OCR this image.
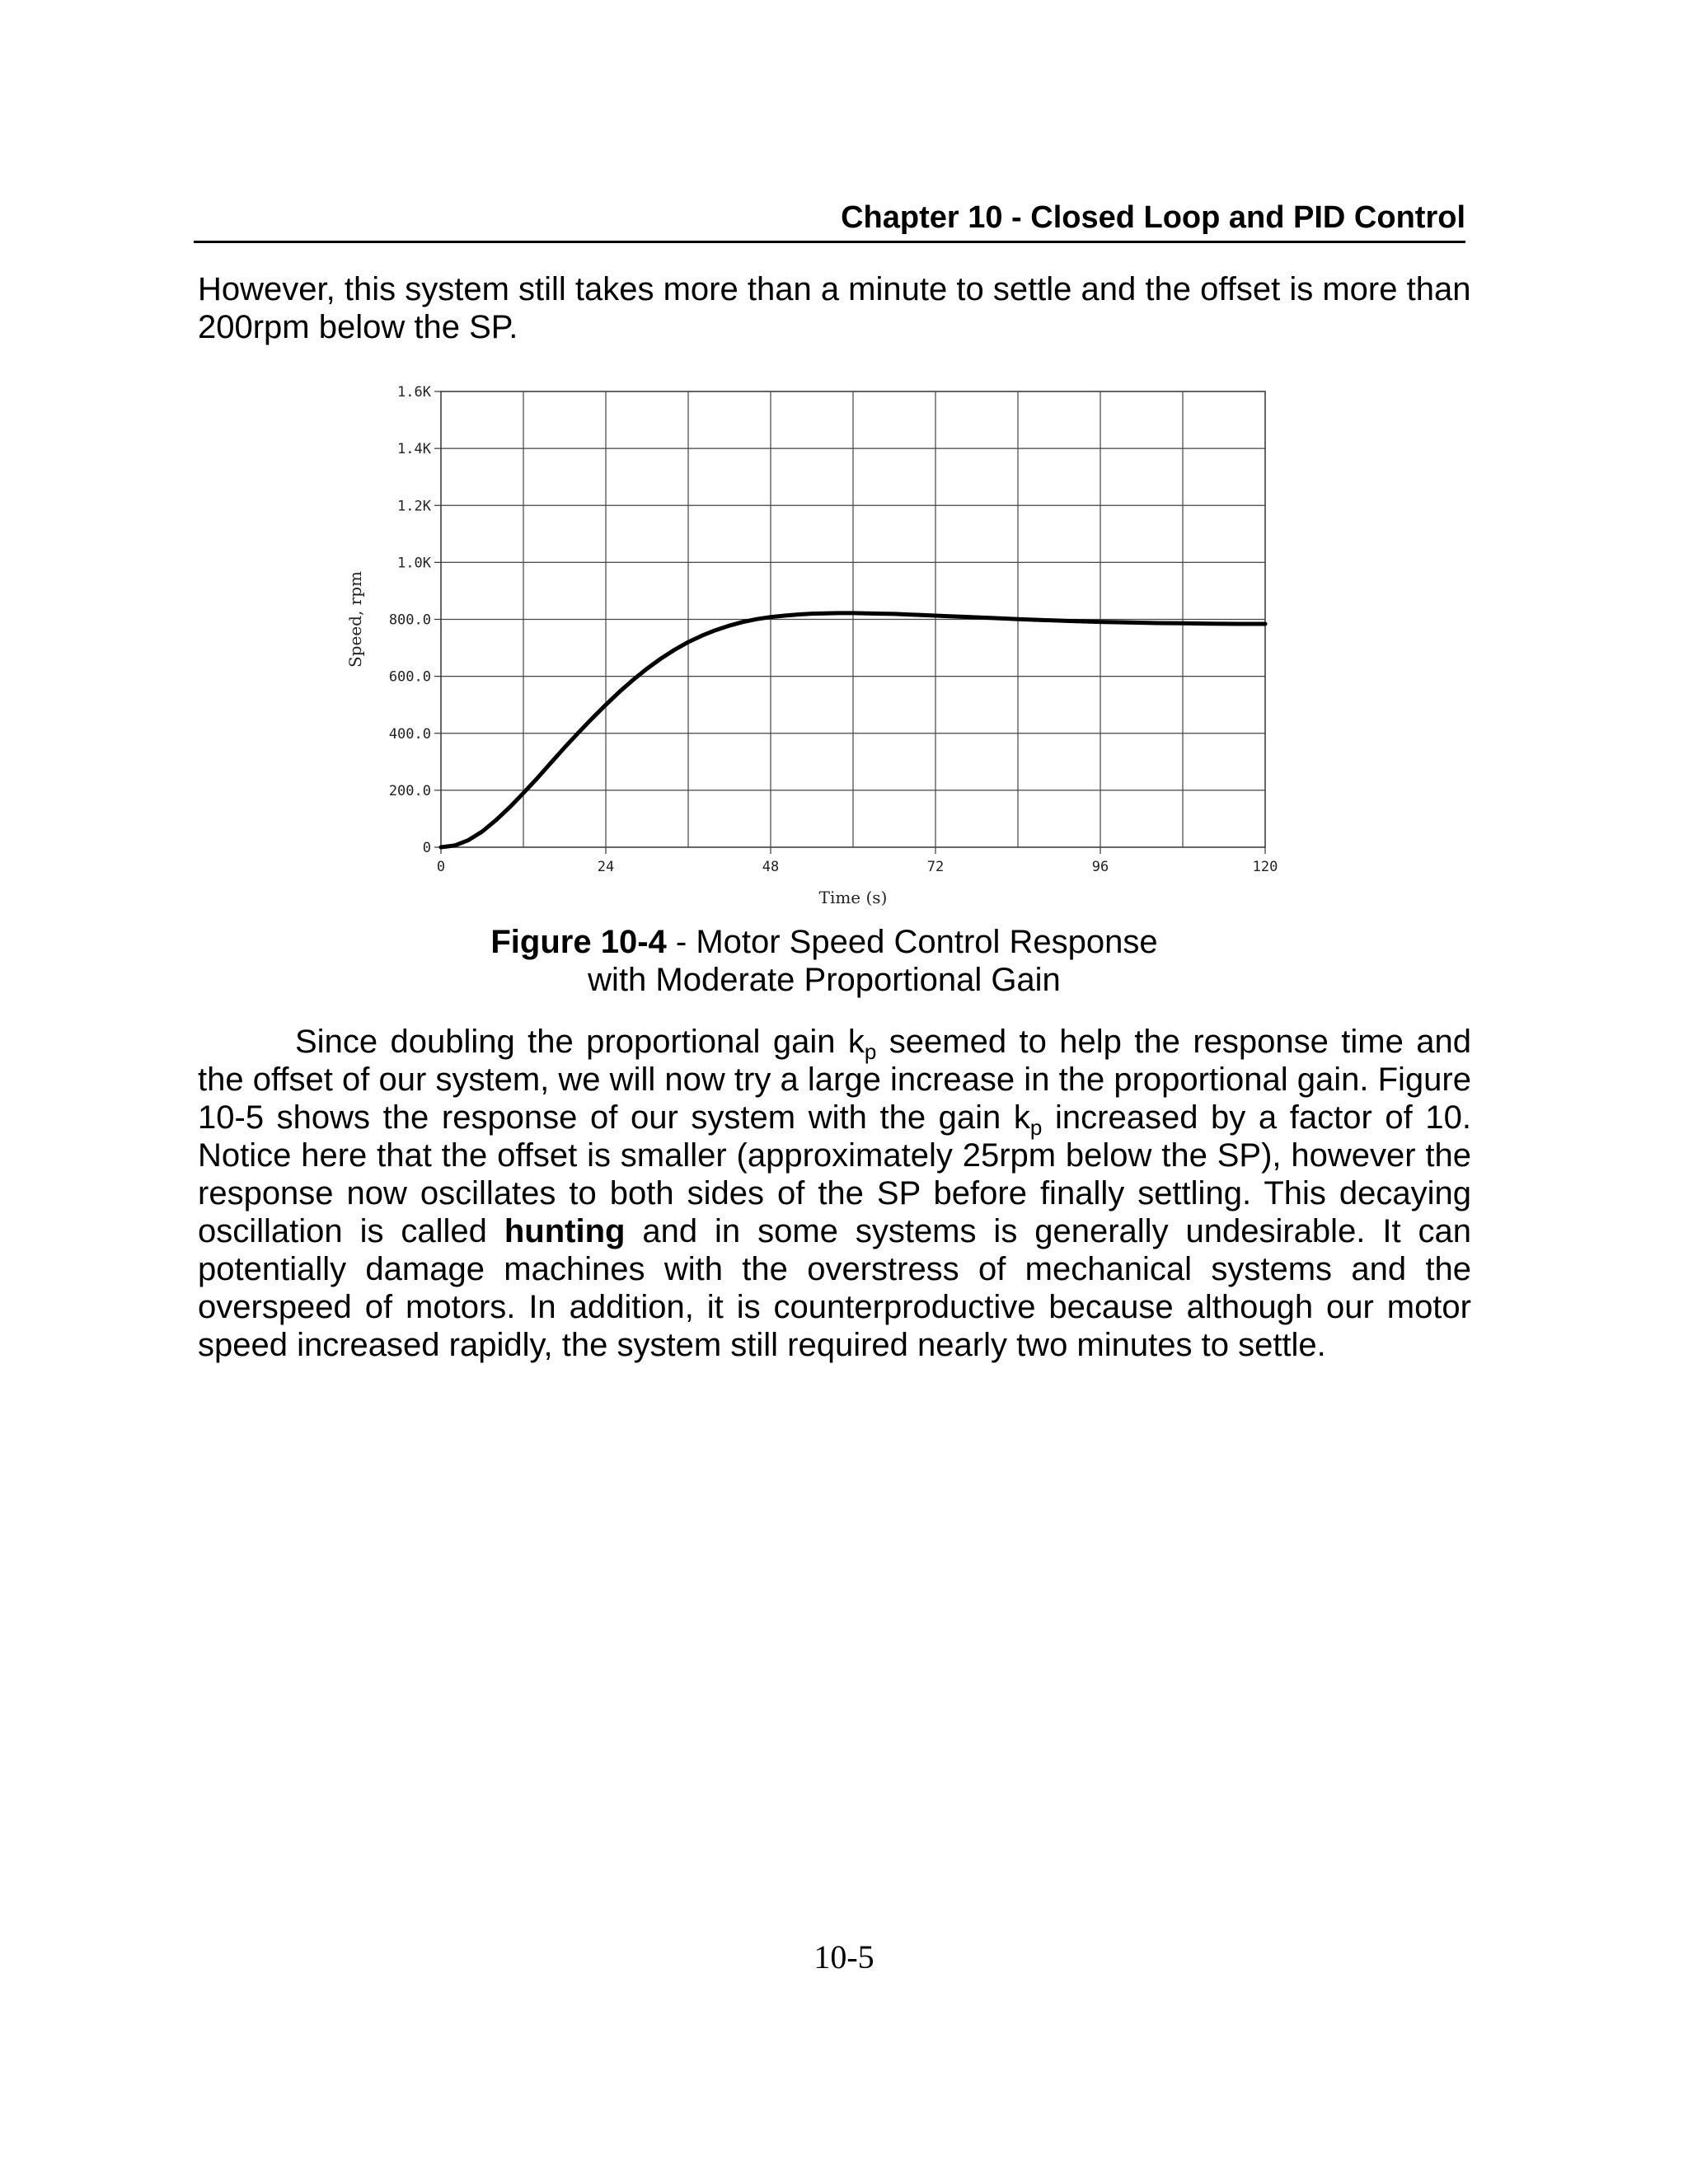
Chapter 10 - Closed Loop and PID Control
However, this system still takes more than a minute to settle and the offset is more than 200rpm below the SP.
0
200.0
400.0
600.0
800.0
1.0K
1.2K
1.4K
1.6K
0	24	48	72	96	120
Time (s)
Speed, rpm
Figure 10-4 - Motor Speed Control Response
with Moderate Proportional Gain

Since doubling the proportional gain $k_p$ seemed to help the response time and the offset of our system, we will now try a large increase in the proportional gain. Figure 10-5 shows the response of our system with the gain $k_p$ increased by a factor of 10. Notice here that the offset is smaller (approximately 25rpm below the SP), however the response now oscillates to both sides of the SP before finally settling. This decaying oscillation is called hunting and in some systems is generally undesirable. It can potentially damage machines with the overstress of mechanical systems and the overspeed of motors. In addition, it is counterproductive because although our motor speed increased rapidly, the system still required nearly two minutes to settle.

10-5
